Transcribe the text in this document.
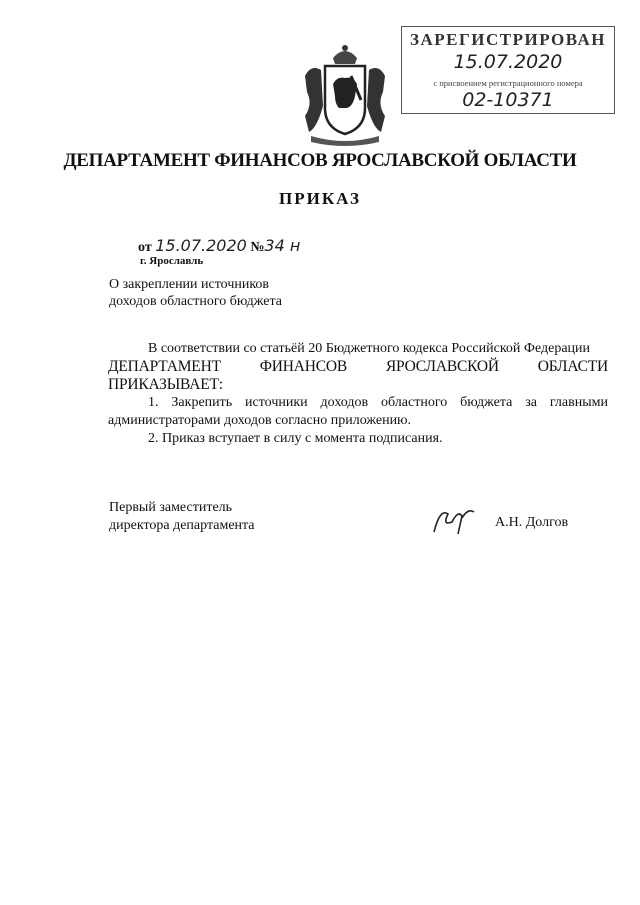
ЗАРЕГИСТРИРОВАН
15.07.2020
с присвоением регистрационного номера
02-10371
ДЕПАРТАМЕНТ ФИНАНСОВ ЯРОСЛАВСКОЙ ОБЛАСТИ
ПРИКАЗ
от 15.07.2020 №34 н
г. Ярославль
О закреплении источников
доходов областного бюджета

В соответствии со статьёй 20 Бюджетного кодекса Российской Федерации

ДЕПАРТАМЕНТ ФИНАНСОВ ЯРОСЛАВСКОЙ ОБЛАСТИ ПРИКАЗЫВАЕТ:

1. Закрепить источники доходов областного бюджета за главными администраторами доходов согласно приложению.

2. Приказ вступает в силу с момента подписания.

Первый заместитель
директора департамента	А.Н. Долгов
